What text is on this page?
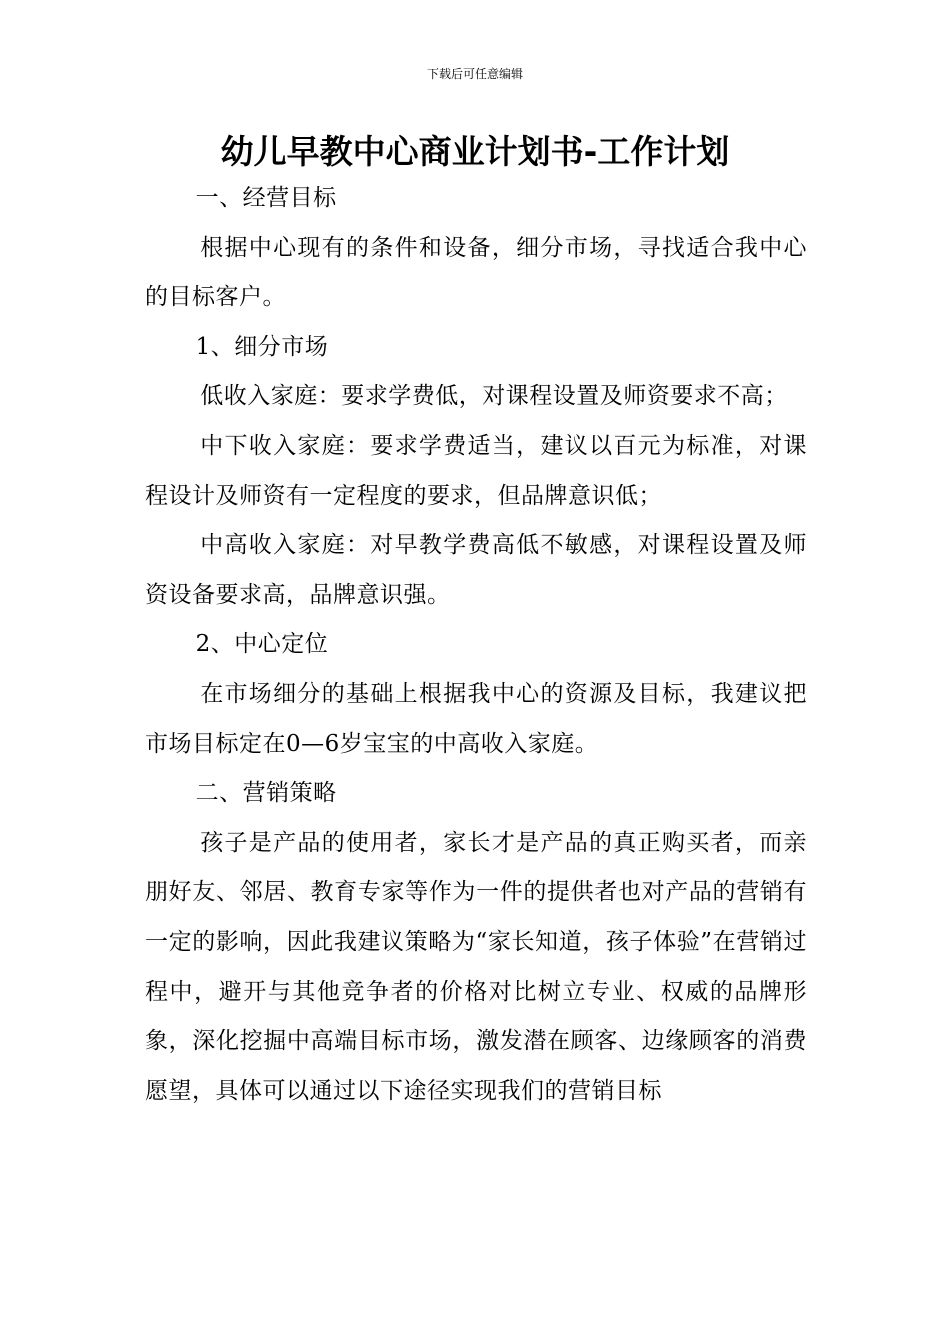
下载后可任意编辑
幼儿早教中心商业计划书-工作计划

一、经营目标

根据中心现有的条件和设备，细分市场，寻找适合我中心的目标客户。

1、细分市场

低收入家庭：要求学费低，对课程设置及师资要求不高；

中下收入家庭：要求学费适当，建议以百元为标准，对课程设计及师资有一定程度的要求，但品牌意识低；

中高收入家庭：对早教学费高低不敏感，对课程设置及师资设备要求高，品牌意识强。

2、中心定位

在市场细分的基础上根据我中心的资源及目标，我建议把市场目标定在0—6岁宝宝的中高收入家庭。

二、营销策略

孩子是产品的使用者，家长才是产品的真正购买者，而亲朋好友、邻居、教育专家等作为一件的提供者也对产品的营销有一定的影响，因此我建议策略为“家长知道，孩子体验”在营销过程中，避开与其他竞争者的价格对比树立专业、权威的品牌形象，深化挖掘中高端目标市场，激发潜在顾客、边缘顾客的消费愿望，具体可以通过以下途径实现我们的营销目标
